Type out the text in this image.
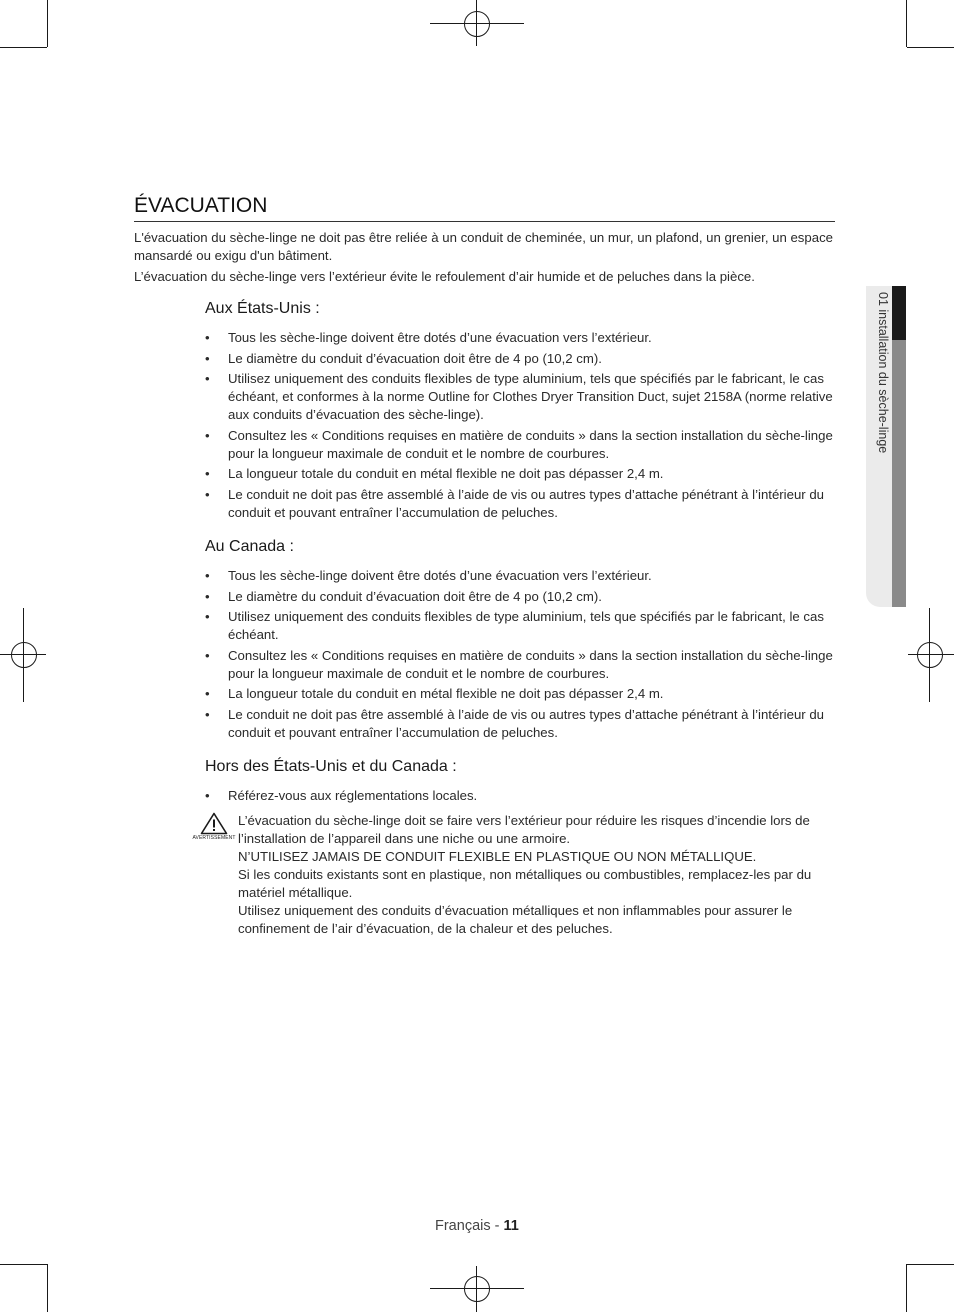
01 installation du sèche-linge
ÉVACUATION

L'évacuation du sèche-linge ne doit pas être reliée à un conduit de cheminée, un mur, un plafond, un grenier, un espace mansardé ou exigu d'un bâtiment.

L’évacuation du sèche-linge vers l’extérieur évite le refoulement d’air humide et de peluches dans la pièce.

Aux États-Unis :
• Tous les sèche-linge doivent être dotés d’une évacuation vers l’extérieur.
• Le diamètre du conduit d’évacuation doit être de 4 po (10,2 cm).
• Utilisez uniquement des conduits flexibles de type aluminium, tels que spécifiés par le fabricant, le cas échéant, et conformes à la norme Outline for Clothes Dryer Transition Duct, sujet 2158A (norme relative aux conduits d’évacuation des sèche-linge).
• Consultez les « Conditions requises en matière de conduits » dans la section installation du sèche-linge pour la longueur maximale de conduit et le nombre de courbures.
• La longueur totale du conduit en métal flexible ne doit pas dépasser 2,4 m.
• Le conduit ne doit pas être assemblé à l’aide de vis ou autres types d’attache pénétrant à l’intérieur du conduit et pouvant entraîner l’accumulation de peluches.
Au Canada :
• Tous les sèche-linge doivent être dotés d’une évacuation vers l’extérieur.
• Le diamètre du conduit d’évacuation doit être de 4 po (10,2 cm).
• Utilisez uniquement des conduits flexibles de type aluminium, tels que spécifiés par le fabricant, le cas échéant.
• Consultez les « Conditions requises en matière de conduits » dans la section installation du sèche-linge pour la longueur maximale de conduit et le nombre de courbures.
• La longueur totale du conduit en métal flexible ne doit pas dépasser 2,4 m.
• Le conduit ne doit pas être assemblé à l’aide de vis ou autres types d’attache pénétrant à l’intérieur du conduit et pouvant entraîner l’accumulation de peluches.
Hors des États-Unis et du Canada :
• Référez-vous aux réglementations locales.
AVERTISSEMENT

L’évacuation du sèche-linge doit se faire vers l’extérieur pour réduire les risques d’incendie lors de l’installation de l’appareil dans une niche ou une armoire.

N’UTILISEZ JAMAIS DE CONDUIT FLEXIBLE EN PLASTIQUE OU NON MÉTALLIQUE.

Si les conduits existants sont en plastique, non métalliques ou combustibles, remplacez-les par du matériel métallique.

Utilisez uniquement des conduits d’évacuation métalliques et non inflammables pour assurer le confinement de l’air d’évacuation, de la chaleur et des peluches.

Français - 11
